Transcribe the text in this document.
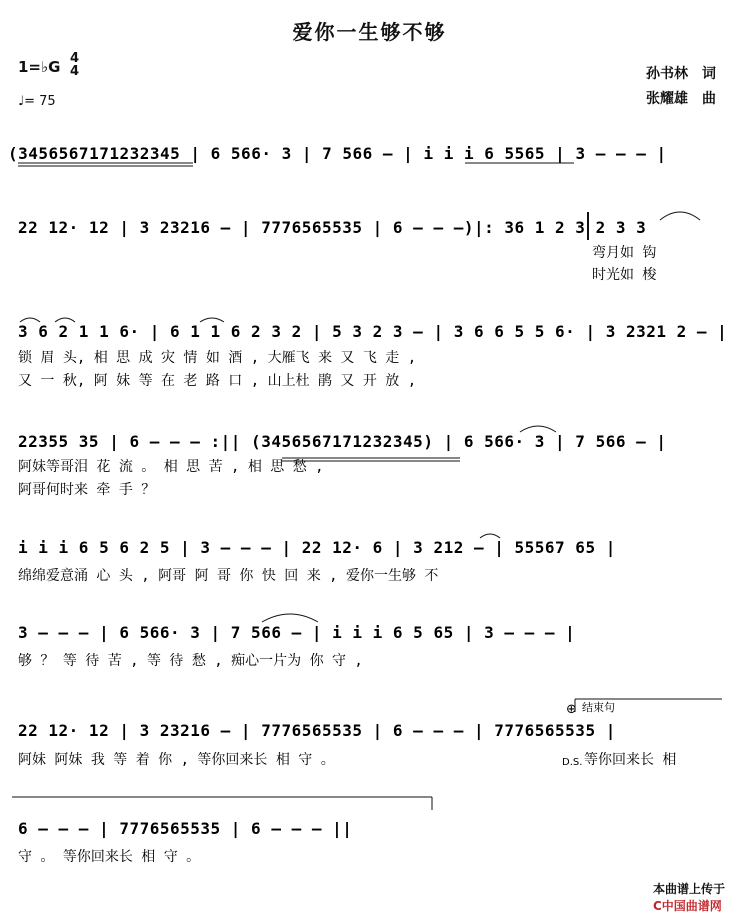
爱你一生够不够
1=♭G 4
4
♩= 75
孙书林　词
张耀雄　曲
(3456567171232345 | 6 566· 3 | 7 566 – | i i i 6 5565 | 3 – – – |
22 12· 12 | 3 23216 – | 7776565535 | 6 – – –)|: 36 1 2 3 2 3 3
弯月如 钩
时光如 梭
3 6 2 1 1 6· | 6 1 1 6 2 3 2 | 5 3 2 3 – | 3 6 6 5 5 6· | 3 2321 2 – |
锁 眉 头, 相 思 成 灾 情 如 酒 , 大雁飞 来 又 飞 走 ,
又 一 秋, 阿 妹 等 在 老 路 口 , 山上杜 鹃 又 开 放 ,
22355 35 | 6 – – – :|| (3456567171232345) | 6 566· 3 | 7 566 – |
阿妹等哥泪 花 流 。 相 思 苦 , 相 思 愁 ,
阿哥何时来 牵 手 ？
i i i 6 5 6 2 5 | 3 – – – | 22 12· 6 | 3 212 – | 55567 65 |
绵绵爱意涌 心 头 , 阿哥 阿 哥 你 快 回 来 , 爱你一生够 不
3 – – – | 6 566· 3 | 7 566 – | i i i 6 5 65 | 3 – – – |
够 ？ 等 待 苦 , 等 待 愁 , 痴心一片为 你 守 ,
⊕ 结束句
22 12· 12 | 3 23216 – | 7776565535 | 6 – – – | 7776565535 |
阿妹 阿妹 我 等 着 你 , 等你回来长 相 守 。	D.S. 等你回来长 相
6 – – – | 7776565535 | 6 – – – ||
守 。 等你回来长 相 守 。

本曲谱上传于
C中国曲谱网
